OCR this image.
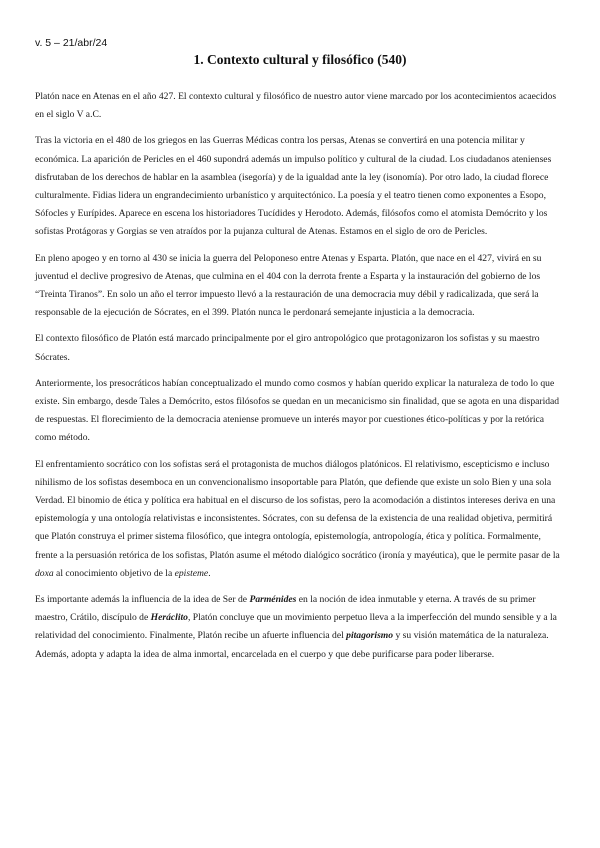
v. 5 – 21/abr/24
1. Contexto cultural y filosófico (540)

Platón nace en Atenas en el año 427. El contexto cultural y filosófico de nuestro autor viene marcado por los acontecimientos acaecidos en el siglo V a.C.

Tras la victoria en el 480 de los griegos en las Guerras Médicas contra los persas, Atenas se convertirá en una potencia militar y económica. La aparición de Pericles en el 460 supondrá además un impulso político y cultural de la ciudad. Los ciudadanos atenienses disfrutaban de los derechos de hablar en la asamblea (isegoría) y de la igualdad ante la ley (isonomía). Por otro lado, la ciudad florece culturalmente. Fidias lidera un engrandecimiento urbanístico y arquitectónico. La poesía y el teatro tienen como exponentes a Esopo, Sófocles y Eurípides. Aparece en escena los historiadores Tucídides y Herodoto. Además, filósofos como el atomista Demócrito y los sofistas Protágoras y Gorgias se ven atraídos por la pujanza cultural de Atenas. Estamos en el siglo de oro de Pericles.

En pleno apogeo y en torno al 430 se inicia la guerra del Peloponeso entre Atenas y Esparta. Platón, que nace en el 427, vivirá en su juventud el declive progresivo de Atenas, que culmina en el 404 con la derrota frente a Esparta y la instauración del gobierno de los “Treinta Tiranos”. En solo un año el terror impuesto llevó a la restauración de una democracia muy débil y radicalizada, que será la responsable de la ejecución de Sócrates, en el 399. Platón nunca le perdonará semejante injusticia a la democracia.

El contexto filosófico de Platón está marcado principalmente por el giro antropológico que protagonizaron los sofistas y su maestro Sócrates.

Anteriormente, los presocráticos habían conceptualizado el mundo como cosmos y habían querido explicar la naturaleza de todo lo que existe. Sin embargo, desde Tales a Demócrito, estos filósofos se quedan en un mecanicismo sin finalidad, que se agota en una disparidad de respuestas. El florecimiento de la democracia ateniense promueve un interés mayor por cuestiones ético-políticas y por la retórica como método.

El enfrentamiento socrático con los sofistas será el protagonista de muchos diálogos platónicos. El relativismo, escepticismo e incluso nihilismo de los sofistas desemboca en un convencionalismo insoportable para Platón, que defiende que existe un solo Bien y una sola Verdad. El binomio de ética y política era habitual en el discurso de los sofistas, pero la acomodación a distintos intereses deriva en una epistemología y una ontología relativistas e inconsistentes. Sócrates, con su defensa de la existencia de una realidad objetiva, permitirá que Platón construya el primer sistema filosófico, que integra ontología, epistemología, antropología, ética y política. Formalmente, frente a la persuasión retórica de los sofistas, Platón asume el método dialógico socrático (ironía y mayéutica), que le permite pasar de la doxa al conocimiento objetivo de la episteme.

Es importante además la influencia de la idea de Ser de Parménides en la noción de idea inmutable y eterna. A través de su primer maestro, Crátilo, discípulo de Heráclito, Platón concluye que un movimiento perpetuo lleva a la imperfección del mundo sensible y a la relatividad del conocimiento. Finalmente, Platón recibe un afuerte influencia del pitagorismo y su visión matemática de la naturaleza. Además, adopta y adapta la idea de alma inmortal, encarcelada en el cuerpo y que debe purificarse para poder liberarse.
